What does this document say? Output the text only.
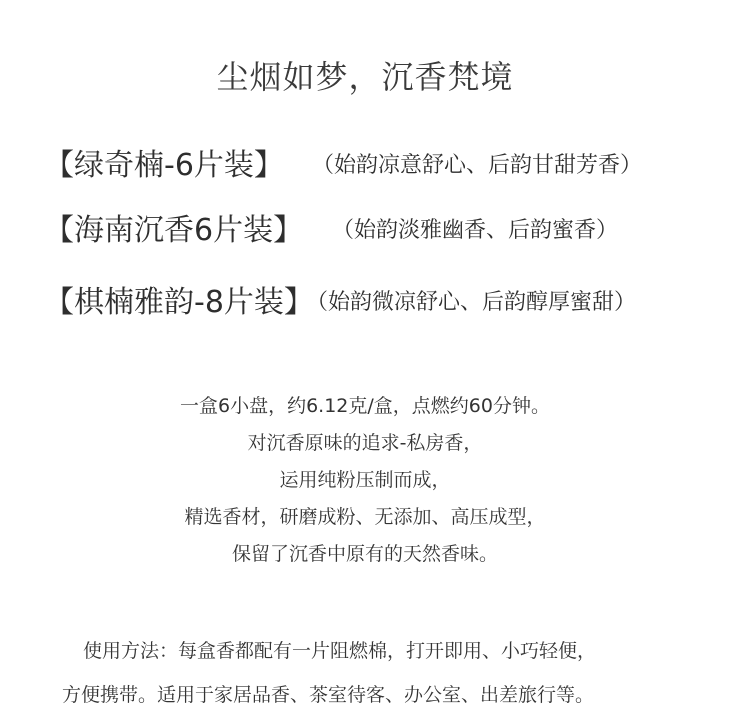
尘烟如梦，沉香梵境
【绿奇楠-6片装】 （始韵凉意舒心、后韵甘甜芳香）
【海南沉香6片装】 （始韵淡雅幽香、后韵蜜香）
【棋楠雅韵-8片装】
（始韵微凉舒心、后韵醇厚蜜甜）
一盒6小盘，约6.12克/盒，点燃约60分钟。
对沉香原味的追求-私房香，
运用纯粉压制而成，
精选香材，研磨成粉、无添加、高压成型，
保留了沉香中原有的天然香味。
使用方法：每盒香都配有一片阻燃棉，打开即用、小巧轻便，
方便携带。适用于家居品香、茶室待客、办公室、出差旅行等。
